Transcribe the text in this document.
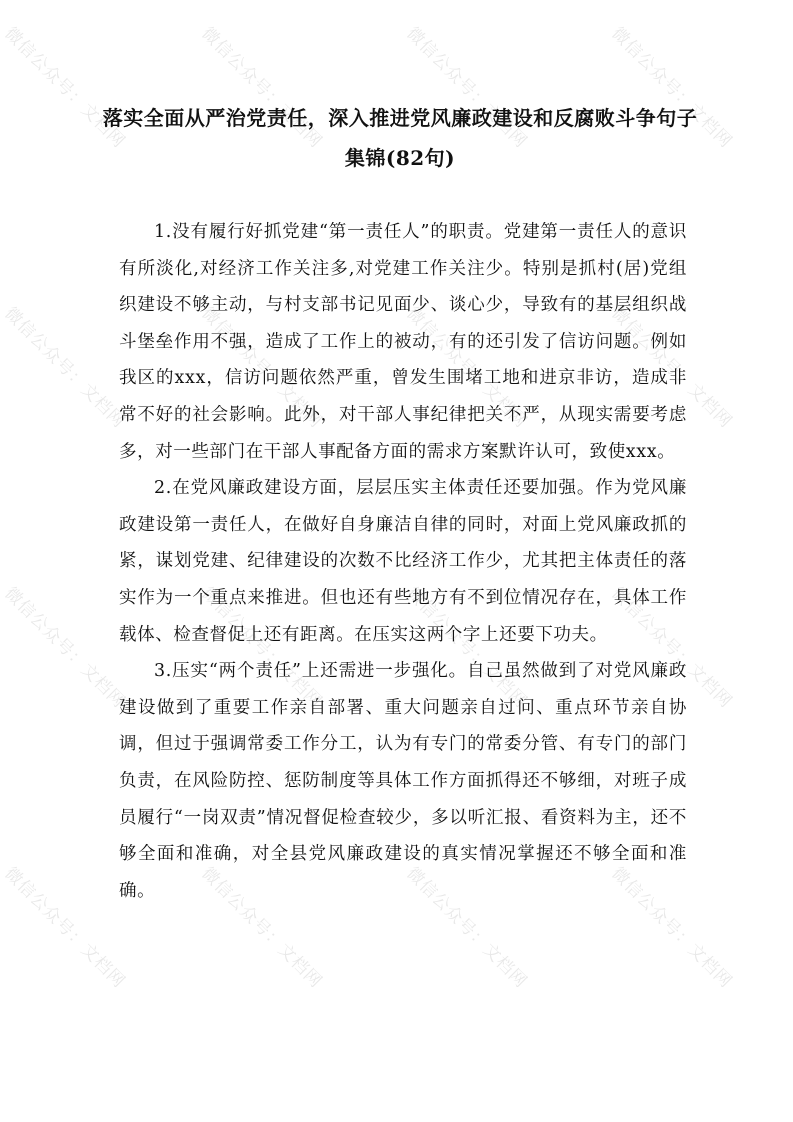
微信公众号：文档网	微信公众号：文档网	微信公众号：文档网	微信公众号：文档网
微信公众号：文档网	微信公众号：文档网	微信公众号：文档网	微信公众号：文档网
微信公众号：文档网	微信公众号：文档网	微信公众号：文档网	微信公众号：文档网
微信公众号：文档网	微信公众号：文档网	微信公众号：文档网	微信公众号：文档网
落实全面从严治党责任，深入推进党风廉政建设和反腐败斗争句子集锦(82句)

1.没有履行好抓党建“第一责任人”的职责。党建第一责任人的意识有所淡化,对经济工作关注多,对党建工作关注少。特别是抓村(居)党组织建设不够主动，与村支部书记见面少、谈心少，导致有的基层组织战斗堡垒作用不强，造成了工作上的被动，有的还引发了信访问题。例如我区的xxx，信访问题依然严重，曾发生围堵工地和进京非访，造成非常不好的社会影响。此外，对干部人事纪律把关不严，从现实需要考虑多，对一些部门在干部人事配备方面的需求方案默许认可，致使xxx。

2.在党风廉政建设方面，层层压实主体责任还要加强。作为党风廉政建设第一责任人，在做好自身廉洁自律的同时，对面上党风廉政抓的紧，谋划党建、纪律建设的次数不比经济工作少，尤其把主体责任的落实作为一个重点来推进。但也还有些地方有不到位情况存在，具体工作载体、检查督促上还有距离。在压实这两个字上还要下功夫。

3.压实“两个责任”上还需进一步强化。自己虽然做到了对党风廉政建设做到了重要工作亲自部署、重大问题亲自过问、重点环节亲自协调，但过于强调常委工作分工，认为有专门的常委分管、有专门的部门负责，在风险防控、惩防制度等具体工作方面抓得还不够细，对班子成员履行“一岗双责”情况督促检查较少，多以听汇报、看资料为主，还不够全面和准确，对全县党风廉政建设的真实情况掌握还不够全面和准确。
